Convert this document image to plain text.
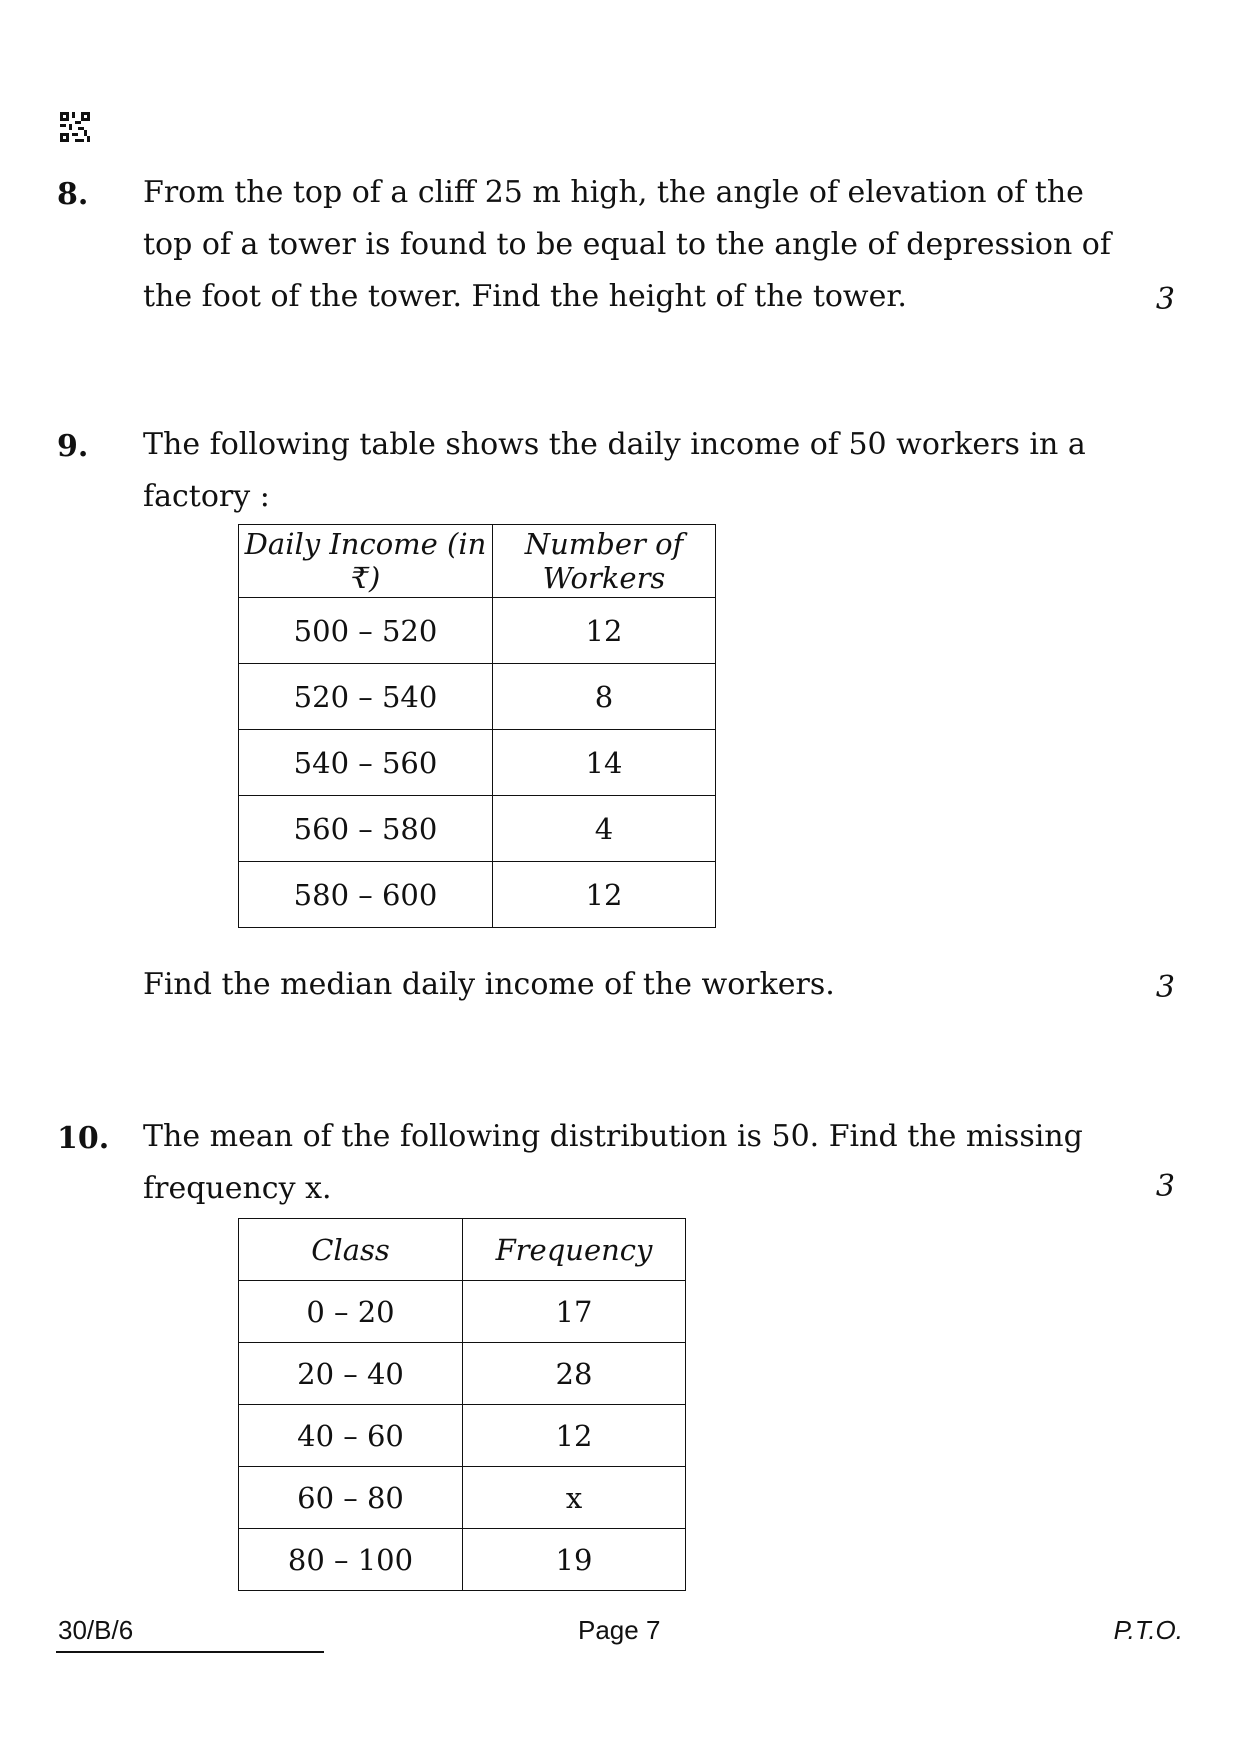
8. From the top of a cliff 25 m high, the angle of elevation of the top of a tower is found to be equal to the angle of depression of the foot of the tower. Find the height of the tower.	3
9. The following table shows the daily income of 50 workers in a factory :
Daily Income (in ₹)	Number of Workers
500 – 520	12
520 – 540	8
540 – 560	14
560 – 580	4
580 – 600	12
Find the median daily income of the workers.	3
10. The mean of the following distribution is 50. Find the missing frequency x.	3
Class	Frequency
0 – 20	17
20 – 40	28
40 – 60	12
60 – 80	x
80 – 100	19
30/B/6	Page 7	P.T.O.
